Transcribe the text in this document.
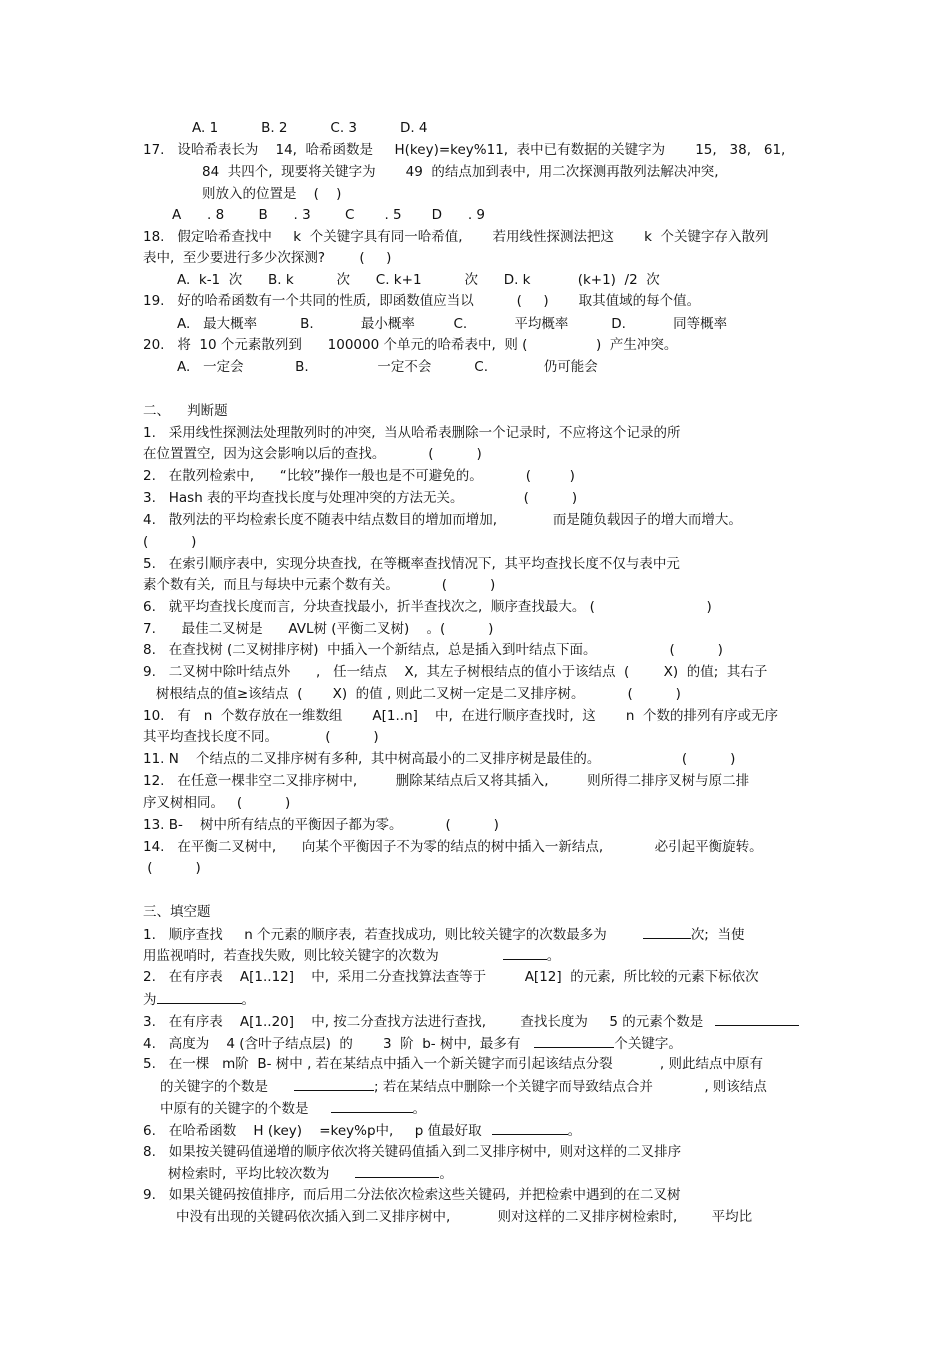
A. 1          B. 2          C. 3          D. 4
17.   设哈希表长为    14,  哈希函数是     H(key)=key%11,  表中已有数据的关键字为       15,   38,   61,
84  共四个,  现要将关键字为       49  的结点加到表中,  用二次探测再散列法解决冲突,
则放入的位置是    (    )
A      . 8        B      . 3        C       . 5       D      . 9
18.   假定哈希查找中     k  个关键字具有同一哈希值,       若用线性探测法把这       k  个关键字存入散列
表中,  至少要进行多少次探测?        (     )
A.  k-1  次      B. k          次      C. k+1          次      D. k           (k+1)  /2  次
19.   好的哈希函数有一个共同的性质,  即函数值应当以          (     )       取其值域的每个值。
A.   最大概率          B.           最小概率         C.           平均概率          D.           同等概率
20.   将  10 个元素散列到      100000 个单元的哈希表中,  则 (                )  产生冲突。
A.   一定会            B.                一定不会          C.             仍可能会
二、    判断题
1.   采用线性探测法处理散列时的冲突,  当从哈希表删除一个记录时,  不应将这个记录的所
在位置置空,  因为这会影响以后的查找。          (          )
2.   在散列检索中,      “比较”操作一般也是不可避免的。          (         )
3.   Hash 表的平均查找长度与处理冲突的方法无关。              (          )
4.   散列法的平均检索长度不随表中结点数目的增加而增加,             而是随负载因子的增大而增大。
(          )
5.   在索引顺序表中,  实现分块查找,  在等概率查找情况下,  其平均查找长度不仅与表中元
素个数有关,  而且与每块中元素个数有关。          (          )
6.   就平均查找长度而言,  分块查找最小,  折半查找次之,  顺序查找最大。 (                          )
7.      最佳二叉树是      AVL树 (平衡二叉树)    。(          )
8.   在查找树 (二叉树排序树)  中插入一个新结点,  总是插入到叶结点下面。                 (          )
9.   二叉树中除叶结点外      ,   任一结点    X,  其左子树根结点的值小于该结点  (        X)  的值;  其右子
树根结点的值≥该结点  (       X)  的值 , 则此二叉树一定是二叉排序树。          (          )
10.   有   n  个数存放在一维数组       A[1..n]    中,  在进行顺序查找时,  这       n  个数的排列有序或无序
其平均查找长度不同。           (          )
11. N    个结点的二叉排序树有多种,  其中树高最小的二叉排序树是最佳的。                   (          )
12.   在任意一棵非空二叉排序树中,         删除某结点后又将其插入,         则所得二排序叉树与原二排
序叉树相同。   (          )
13. B-    树中所有结点的平衡因子都为零。          (          )
14.   在平衡二叉树中,      向某个平衡因子不为零的结点的树中插入一新结点,            必引起平衡旋转。
(          )
三、填空题
1.   顺序查找     n 个元素的顺序表,  若查找成功,  则比较关键字的次数最多为	次;  当使
用监视哨时,  若查找失败,  则比较关键字的次数为	。
2.   在有序表    A[1..12]    中,  采用二分查找算法查等于         A[12]  的元素,  所比较的元素下标依次
为	。
3.   在有序表    A[1..20]    中, 按二分查找方法进行查找,        查找长度为     5 的元素个数是
4.   高度为    4 (含叶子结点层)  的       3  阶  b- 树中,  最多有	个关键字。
5.   在一棵   m阶  B- 树中 , 若在某结点中插入一个新关键字而引起该结点分裂           , 则此结点中原有
的关键字的个数是	; 若在某结点中删除一个关键字而导致结点合并            , 则该结点
中原有的关键字的个数是	。
6.   在哈希函数    H (key)    =key%p中,     p 值最好取	。
8.   如果按关键码值递增的顺序依次将关键码值插入到二叉排序树中,  则对这样的二叉排序
树检索时,  平均比较次数为	。
9.   如果关键码按值排序,  而后用二分法依次检索这些关键码,  并把检索中遇到的在二叉树
中没有出现的关键码依次插入到二叉排序树中,           则对这样的二叉排序树检索时,        平均比
